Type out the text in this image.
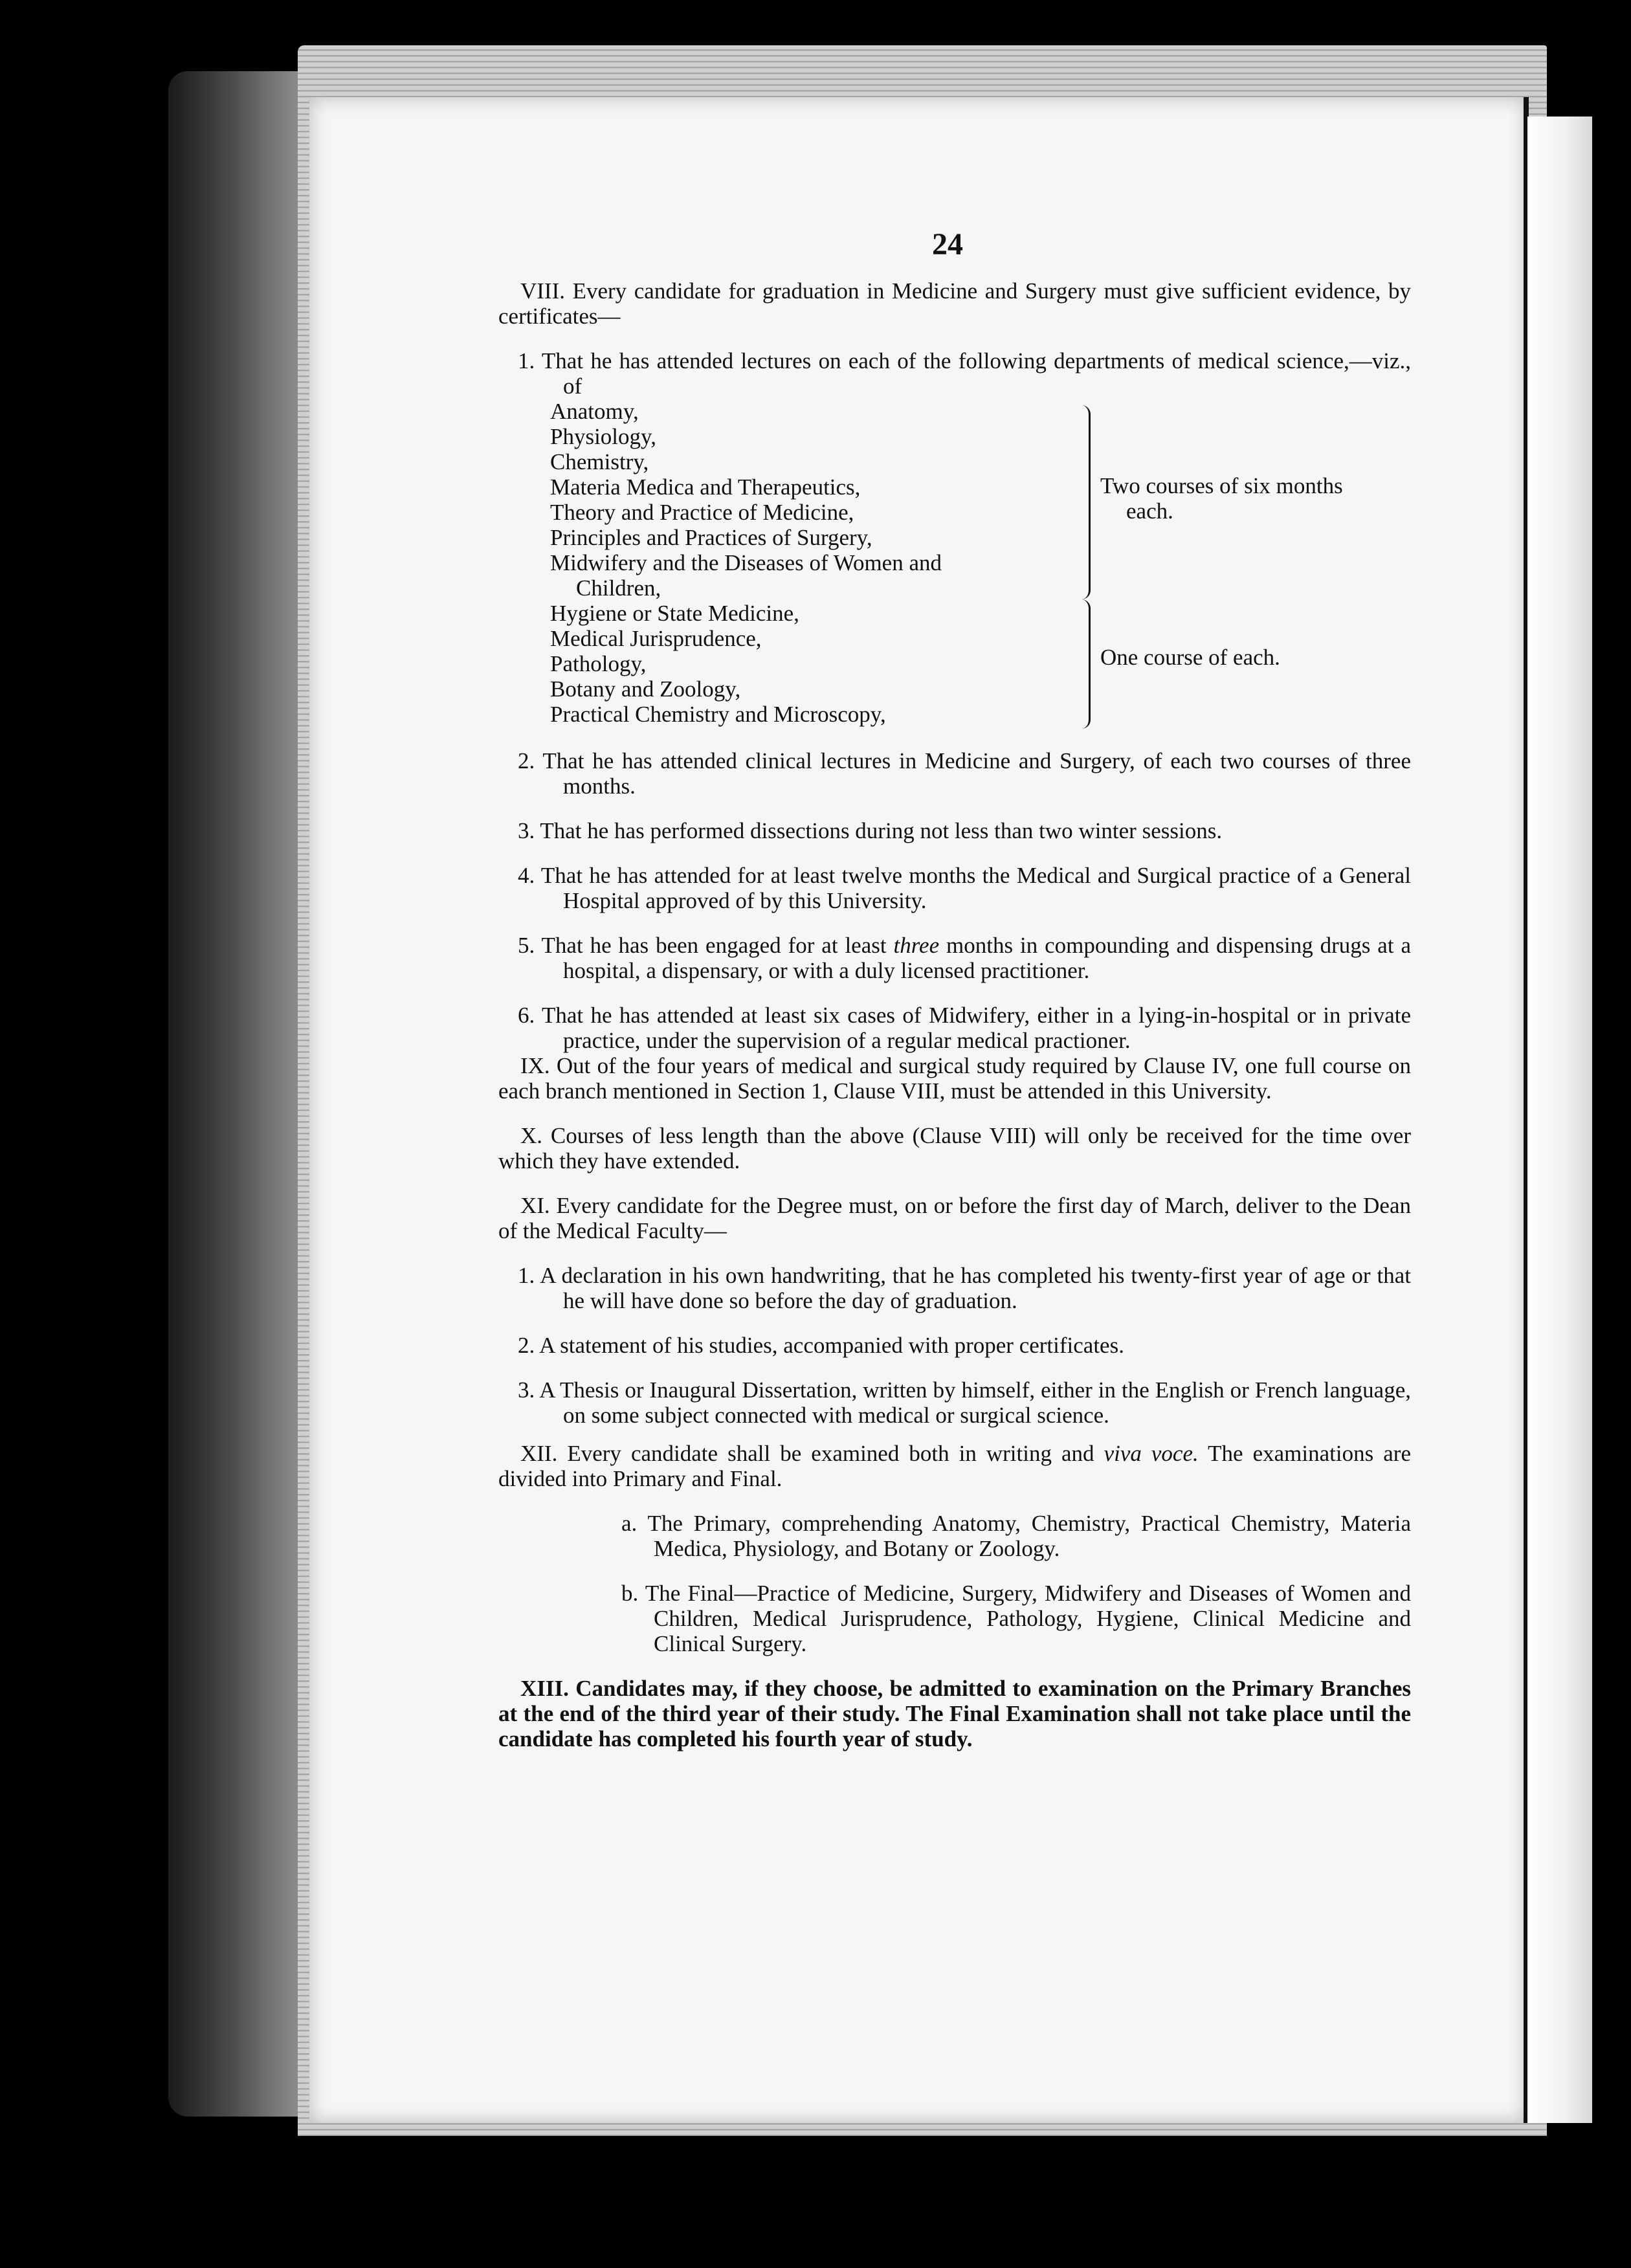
24

VIII. Every candidate for graduation in Medicine and Surgery must give sufficient evidence, by certificates—

1. That he has attended lectures on each of the following departments of medical science,—viz., of

Anatomy,
Physiology,
Chemistry,
Materia Medica and Therapeutics,
Theory and Practice of Medicine,
Principles and Practices of Surgery,
Midwifery and the Diseases of Women and
Children,
Hygiene or State Medicine,
Medical Jurisprudence,
Pathology,
Botany and Zoology,
Practical Chemistry and Microscopy,
Two courses of six months
each.
One course of each.

2. That he has attended clinical lectures in Medicine and Surgery, of each two courses of three months.

3. That he has performed dissections during not less than two winter sessions.

4. That he has attended for at least twelve months the Medical and Surgical practice of a General Hospital approved of by this University.

5. That he has been engaged for at least three months in compounding and dispensing drugs at a hospital, a dispensary, or with a duly licensed practitioner.

6. That he has attended at least six cases of Midwifery, either in a lying-in-hospital or in private practice, under the supervision of a regular medical practioner.

IX. Out of the four years of medical and surgical study required by Clause IV, one full course on each branch mentioned in Section 1, Clause VIII, must be attended in this University.

X. Courses of less length than the above (Clause VIII) will only be received for the time over which they have extended.

XI. Every candidate for the Degree must, on or before the first day of March, deliver to the Dean of the Medical Faculty—

1. A declaration in his own handwriting, that he has completed his twenty-first year of age or that he will have done so before the day of graduation.

2. A statement of his studies, accompanied with proper certificates.

3. A Thesis or Inaugural Dissertation, written by himself, either in the English or French language, on some subject connected with medical or surgical science.

XII. Every candidate shall be examined both in writing and viva voce. The examinations are divided into Primary and Final.

a. The Primary, comprehending Anatomy, Chemistry, Practical Chemistry, Materia Medica, Physiology, and Botany or Zoology.

b. The Final—Practice of Medicine, Surgery, Midwifery and Diseases of Women and Children, Medical Jurisprudence, Pathology, Hygiene, Clinical Medicine and Clinical Surgery.

XIII. Candidates may, if they choose, be admitted to examination on the Primary Branches at the end of the third year of their study. The Final Examination shall not take place until the candidate has completed his fourth year of study.
